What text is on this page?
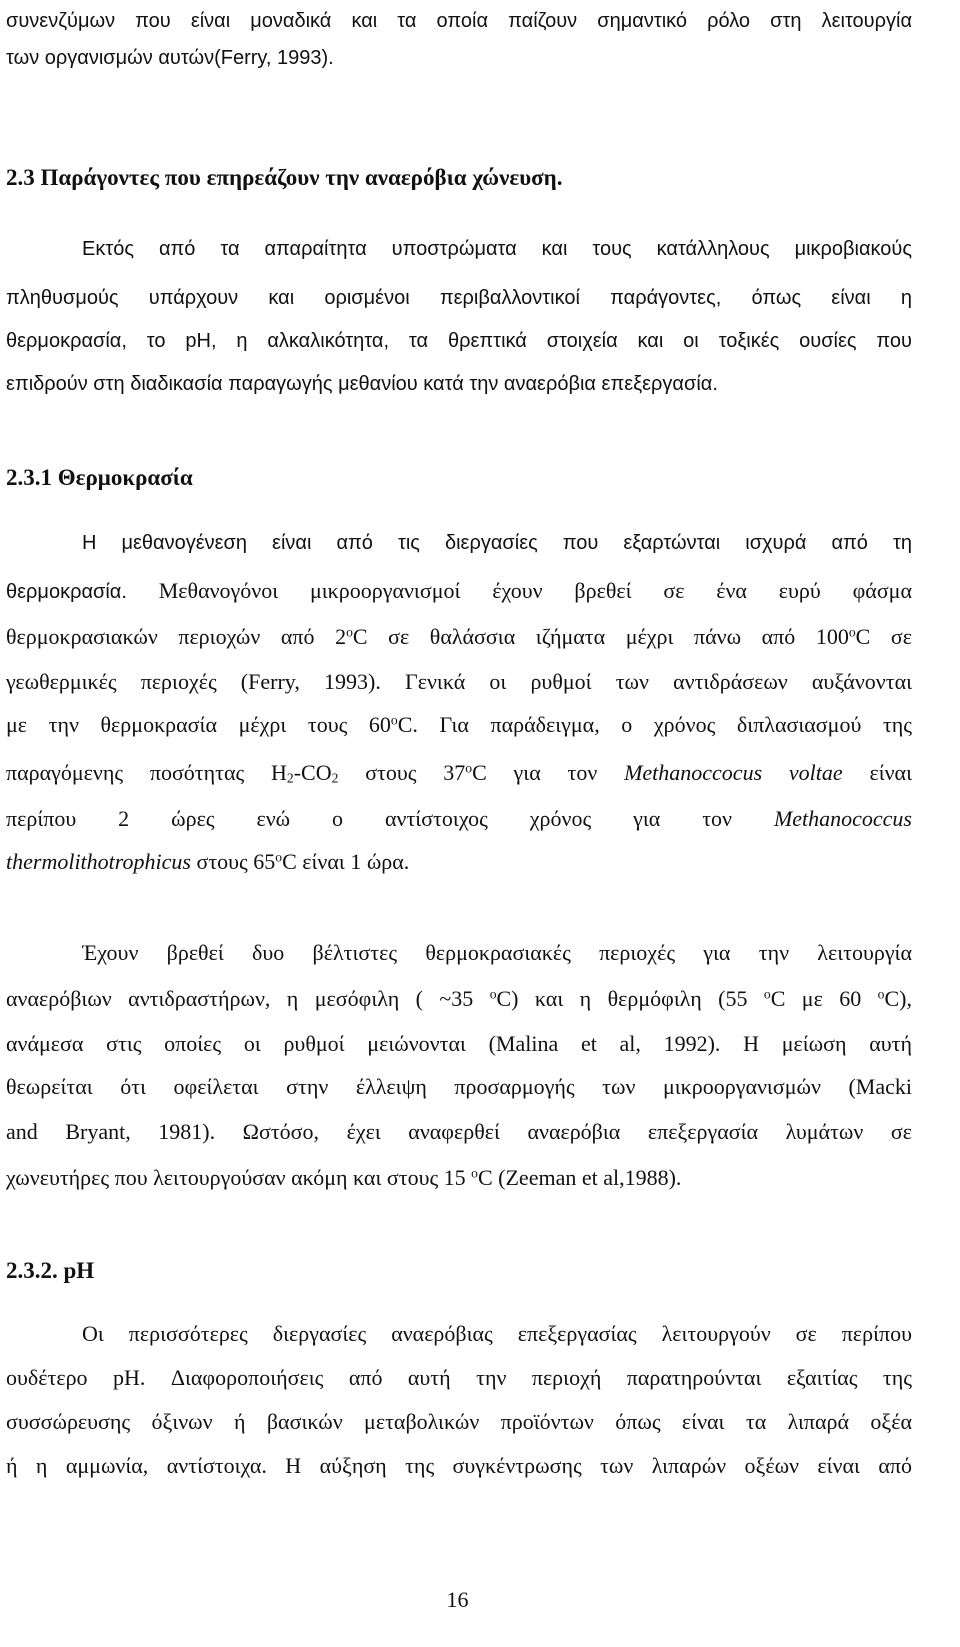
συνενζύμων που είναι μοναδικά και τα οποία παίζουν σημαντικό ρόλο στη λειτουργία
των οργανισμών αυτών(Ferry, 1993).
2.3 Παράγοντες που επηρεάζουν την αναερόβια χώνευση.
Εκτός από τα απαραίτητα υποστρώματα και τους κατάλληλους μικροβιακούς
πληθυσμούς υπάρχουν και ορισμένοι περιβαλλοντικοί παράγοντες, όπως είναι η
θερμοκρασία, το pH, η αλκαλικότητα, τα θρεπτικά στοιχεία και οι τοξικές ουσίες που
επιδρούν στη διαδικασία παραγωγής μεθανίου κατά την αναερόβια επεξεργασία.
2.3.1 Θερμοκρασία
Η μεθανογένεση είναι από τις διεργασίες που εξαρτώνται ισχυρά από τη
θερμοκρασία. Μεθανογόνοι μικροοργανισμοί έχουν βρεθεί σε ένα ευρύ φάσμα
θερμοκρασιακών περιοχών από 2$^o$C σε θαλάσσια ιζήματα μέχρι πάνω από 100$^o$C σε
γεωθερμικές περιοχές (Ferry, 1993). Γενικά οι ρυθμοί των αντιδράσεων αυξάνονται
με την θερμοκρασία μέχρι τους 60$^o$C. Για παράδειγμα, ο χρόνος διπλασιασμού της
παραγόμενης ποσότητας $H_2-CO_2$ στους 37$^o$C για τον Methanoccocus voltae είναι
περίπου 2 ώρες ενώ ο αντίστοιχος χρόνος για τον Methanococcus
thermolithotrophicus στους 65$^o$C είναι 1 ώρα.
Έχουν βρεθεί δυο βέλτιστες θερμοκρασιακές περιοχές για την λειτουργία
αναερόβιων αντιδραστήρων, η μεσόφιλη ( ~35 $^o$C) και η θερμόφιλη (55 $^o$C με 60 $^o$C),
ανάμεσα στις οποίες οι ρυθμοί μειώνονται (Malina et al, 1992). Η μείωση αυτή
θεωρείται ότι οφείλεται στην έλλειψη προσαρμογής των μικροοργανισμών (Macki
and Bryant, 1981). Ωστόσο, έχει αναφερθεί αναερόβια επεξεργασία λυμάτων σε
χωνευτήρες που λειτουργούσαν ακόμη και στους 15 $^o$C (Zeeman et al,1988).
2.3.2. pH
Οι περισσότερες διεργασίες αναερόβιας επεξεργασίας λειτουργούν σε περίπου
ουδέτερο pH. Διαφοροποιήσεις από αυτή την περιοχή παρατηρούνται εξαιτίας της
συσσώρευσης όξινων ή βασικών μεταβολικών προϊόντων όπως είναι τα λιπαρά οξέα
ή η αμμωνία, αντίστοιχα. Η αύξηση της συγκέντρωσης των λιπαρών οξέων είναι από
16
